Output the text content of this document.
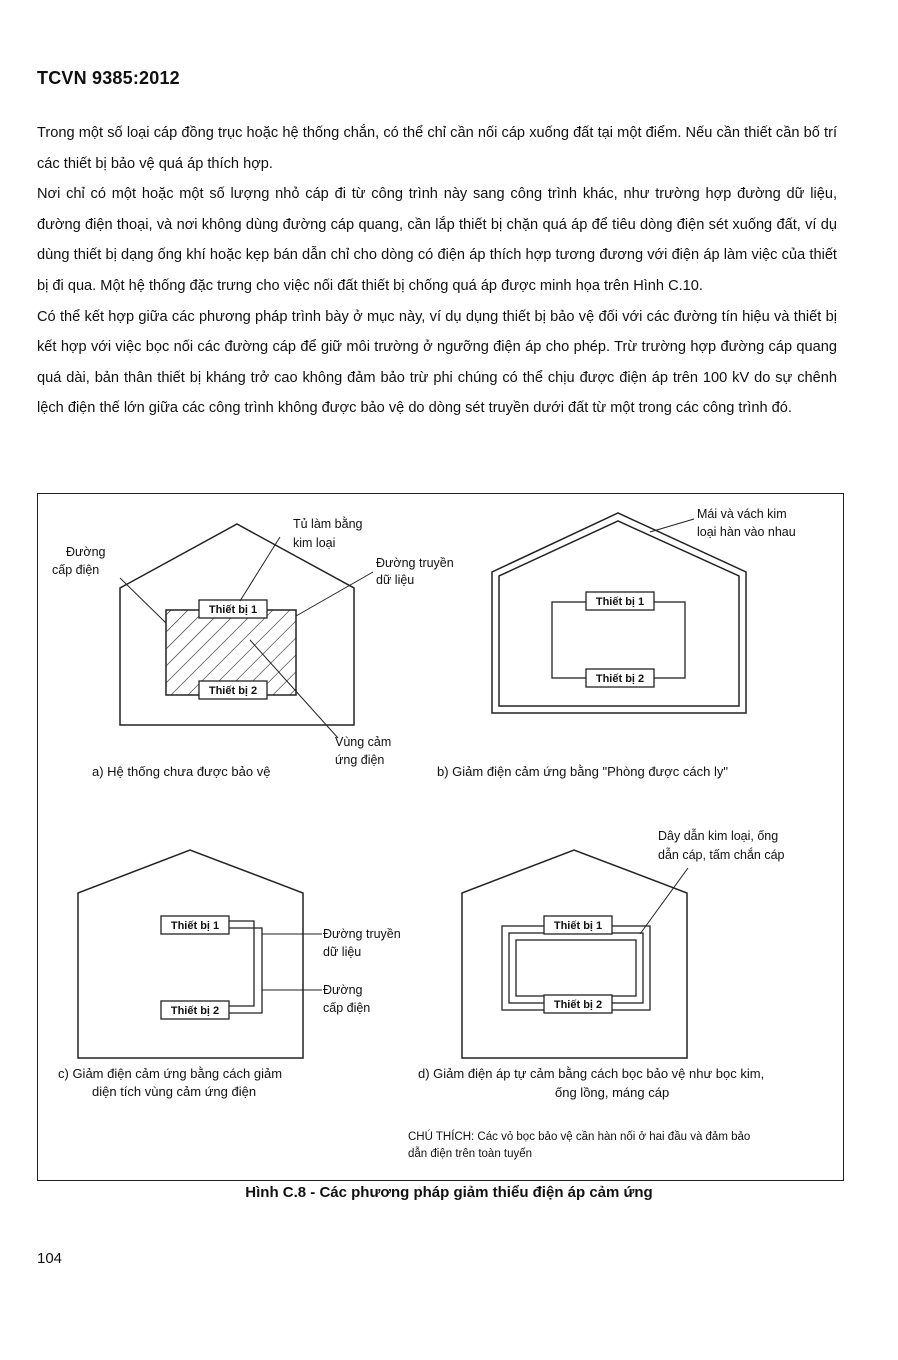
TCVN 9385:2012

Trong một số loại cáp đồng trục hoặc hệ thống chắn, có thể chỉ cần nối cáp xuống đất tại một điểm. Nếu cần thiết cần bố trí các thiết bị bảo vệ quá áp thích hợp.

Nơi chỉ có một hoặc một số lượng nhỏ cáp đi từ công trình này sang công trình khác, như trường hợp đường dữ liệu, đường điện thoại, và nơi không dùng đường cáp quang, cần lắp thiết bị chặn quá áp để tiêu dòng điện sét xuống đất, ví dụ dùng thiết bị dạng ống khí hoặc kẹp bán dẫn chỉ cho dòng có điện áp thích hợp tương đương với điện áp làm việc của thiết bị đi qua. Một hệ thống đặc trưng cho việc nối đất thiết bị chống quá áp được minh họa trên Hình C.10.

Có thể kết hợp giữa các phương pháp trình bày ở mục này, ví dụ dụng thiết bị bảo vệ đối với các đường tín hiệu và thiết bị kết hợp với việc bọc nối các đường cáp để giữ môi trường ở ngưỡng điện áp cho phép. Trừ trường hợp đường cáp quang quá dài, bản thân thiết bị kháng trở cao không đảm bảo trừ phi chúng có thể chịu được điện áp trên 100 kV do sự chênh lệch điện thế lớn giữa các công trình không được bảo vệ do dòng sét truyền dưới đất từ một trong các công trình đó.

Thiết bị 1
Thiết bị 2
Đường
cấp điện
Tủ làm bằng
kim loại
Đường truyền
dữ liệu
Vùng cảm
ứng điện
a) Hệ thống chưa được bảo vệ
Thiết bị 1
Thiết bị 2
Mái và vách kim
loại hàn vào nhau
b) Giảm điện cảm ứng bằng "Phòng được cách ly"
Thiết bị 1
Thiết bị 2
Đường truyền
dữ liệu
Đường
cấp điện
c) Giảm điện cảm ứng bằng cách giảm
diện tích vùng cảm ứng điện
Thiết bị 1
Thiết bị 2
Dây dẫn kim loại, ống
dẫn cáp, tấm chắn cáp
d) Giảm điện áp tự cảm bằng cách bọc bảo vệ như bọc kim,
ống lồng, máng cáp
CHÚ THÍCH: Các vỏ bọc bảo vệ cần hàn nối ở hai đầu và đảm bảo
dẫn điện trên toàn tuyến
Hình C.8 - Các phương pháp giảm thiểu điện áp cảm ứng
104
